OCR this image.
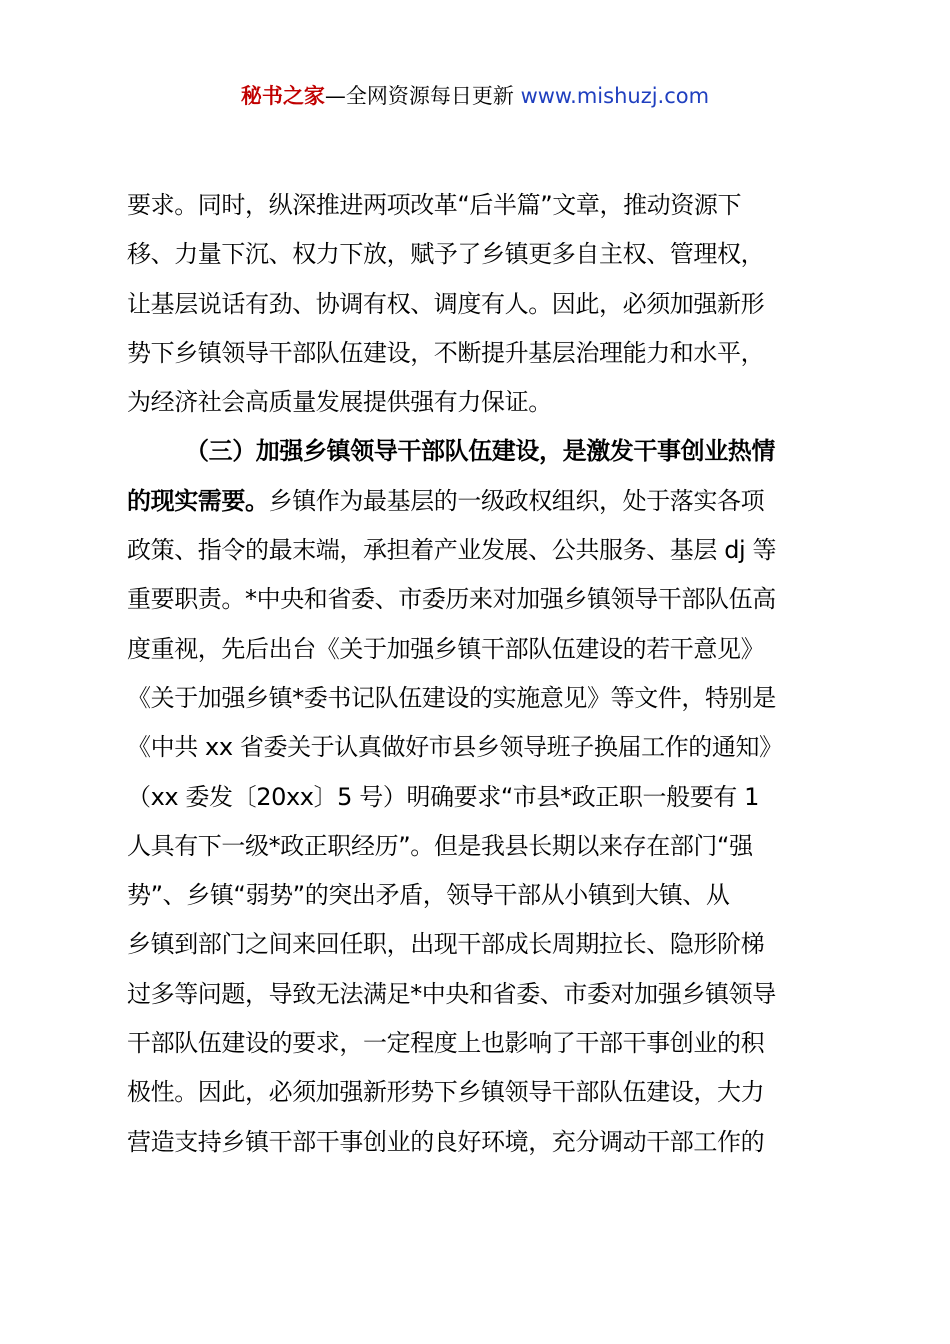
秘书之家—全网资源每日更新 www.mishuzj.com
要求。同时，纵深推进两项改革“后半篇”文章，推动资源下
移、力量下沉、权力下放，赋予了乡镇更多自主权、管理权，
让基层说话有劲、协调有权、调度有人。因此，必须加强新形
势下乡镇领导干部队伍建设，不断提升基层治理能力和水平，
为经济社会高质量发展提供强有力保证。
（三）加强乡镇领导干部队伍建设，是激发干事创业热情
的现实需要。乡镇作为最基层的一级政权组织，处于落实各项
政策、指令的最末端，承担着产业发展、公共服务、基层 dj 等
重要职责。*中央和省委、市委历来对加强乡镇领导干部队伍高
度重视，先后出台《关于加强乡镇干部队伍建设的若干意见》
《关于加强乡镇*委书记队伍建设的实施意见》等文件，特别是
《中共 xx 省委关于认真做好市县乡领导班子换届工作的通知》
（xx 委发〔20xx〕5 号）明确要求“市县*政正职一般要有 1
人具有下一级*政正职经历”。但是我县长期以来存在部门“强
势”、乡镇“弱势”的突出矛盾，领导干部从小镇到大镇、从
乡镇到部门之间来回任职，出现干部成长周期拉长、隐形阶梯
过多等问题，导致无法满足*中央和省委、市委对加强乡镇领导
干部队伍建设的要求，一定程度上也影响了干部干事创业的积
极性。因此，必须加强新形势下乡镇领导干部队伍建设，大力
营造支持乡镇干部干事创业的良好环境，充分调动干部工作的
